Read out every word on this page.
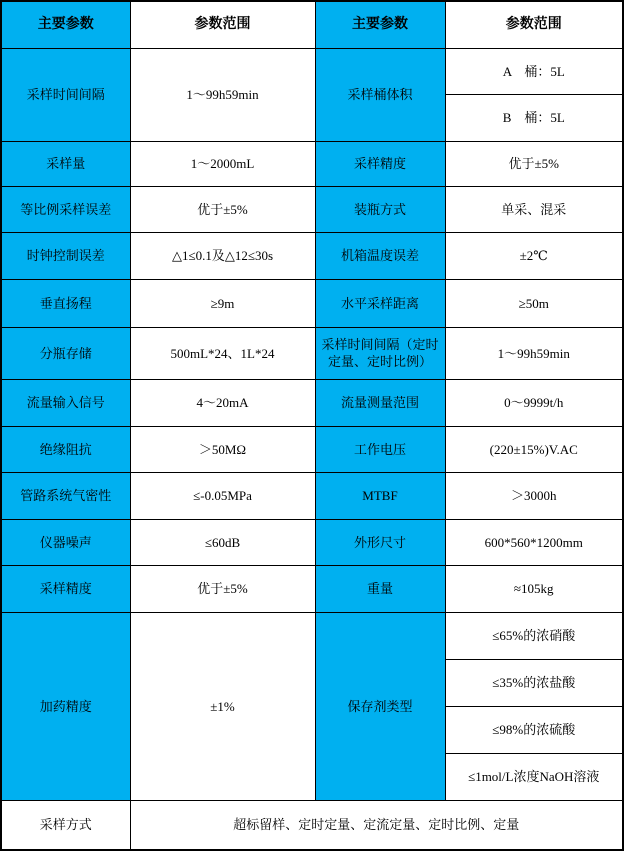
主要参数	参数范围	主要参数	参数范围
采样时间间隔	1～99h59min	采样桶体积	A　桶：5L
			B　桶：5L
采样量	1～2000mL	采样精度	优于±5%
等比例采样误差	优于±5%	装瓶方式	单采、混采
时钟控制误差	△1≤0.1及△12≤30s	机箱温度误差	±2℃
垂直扬程	≥9m	水平采样距离	≥50m
分瓶存储	500mL*24、1L*24	采样时间间隔（定时定量、定时比例）	1～99h59min
流量输入信号	4～20mA	流量测量范围	0～9999t/h
绝缘阻抗	＞50MΩ	工作电压	(220±15%)V.AC
管路系统气密性	≤-0.05MPa	MTBF	＞3000h
仪器噪声	≤60dB	外形尺寸	600*560*1200mm
采样精度	优于±5%	重量	≈105kg
加药精度	±1%	保存剂类型	≤65%的浓硝酸
			≤35%的浓盐酸
			≤98%的浓硫酸
			≤1mol/L浓度NaOH溶液
采样方式	超标留样、定时定量、定流定量、定时比例、定量		
